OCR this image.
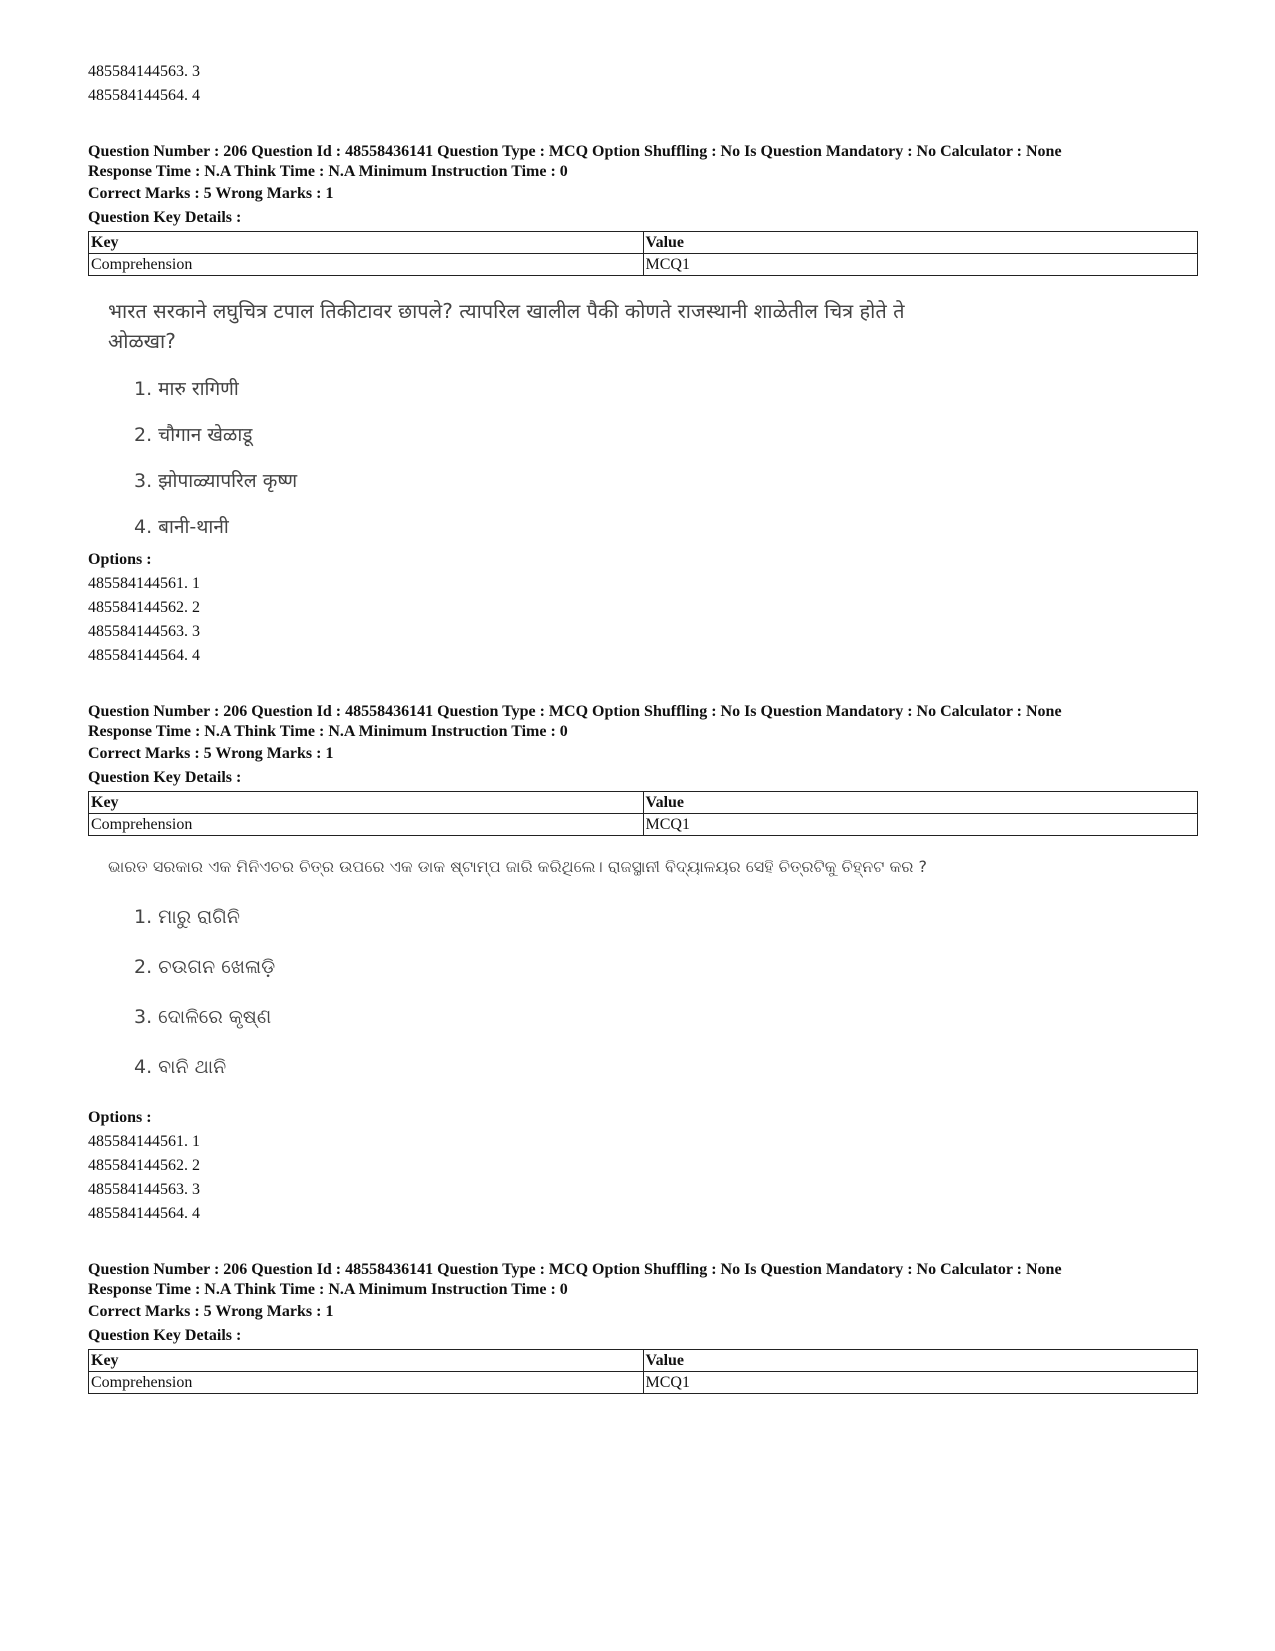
485584144563. 3
485584144564. 4
Question Number : 206 Question Id : 48558436141 Question Type : MCQ Option Shuffling : No Is Question Mandatory : No Calculator : None
Response Time : N.A Think Time : N.A Minimum Instruction Time : 0
Correct Marks : 5 Wrong Marks : 1
Question Key Details :
Key	Value
Comprehension	MCQ1
भारत सरकाने लघुचित्र टपाल तिकीटावर छापले? त्यापरिल खालील पैकी कोणते राजस्थानी शाळेतील चित्र होते ते ओळखा?
1. मारु रागिणी
2. चौगान खेळाडू
3. झोपाळ्यापरिल कृष्ण
4. बानी-थानी
Options :
485584144561. 1
485584144562. 2
485584144563. 3
485584144564. 4
Question Number : 206 Question Id : 48558436141 Question Type : MCQ Option Shuffling : No Is Question Mandatory : No Calculator : None
Response Time : N.A Think Time : N.A Minimum Instruction Time : 0
Correct Marks : 5 Wrong Marks : 1
Question Key Details :
Key	Value
Comprehension	MCQ1
ଭାରତ ସରକାର ଏକ ମିନିଏଚର ଚିତ୍ର ଉପରେ ଏକ ଡାକ ଷ୍ଟାମ୍ପ ଜାରି କରିଥିଲେ। ରାଜସ୍ଥାନୀ ବିଦ୍ୟାଳୟର ସେହି ଚିତ୍ରଟିକୁ ଚିହ୍ନଟ କର ?
1. ମାରୁ ରାଗିନି
2. ଚଉଗନ ଖେଳାଡ଼ି
3. ଦୋଳିରେ କୃଷ୍ଣ
4. ବାନି ଥାନି
Options :
485584144561. 1
485584144562. 2
485584144563. 3
485584144564. 4
Question Number : 206 Question Id : 48558436141 Question Type : MCQ Option Shuffling : No Is Question Mandatory : No Calculator : None
Response Time : N.A Think Time : N.A Minimum Instruction Time : 0
Correct Marks : 5 Wrong Marks : 1
Question Key Details :
Key	Value
Comprehension	MCQ1
